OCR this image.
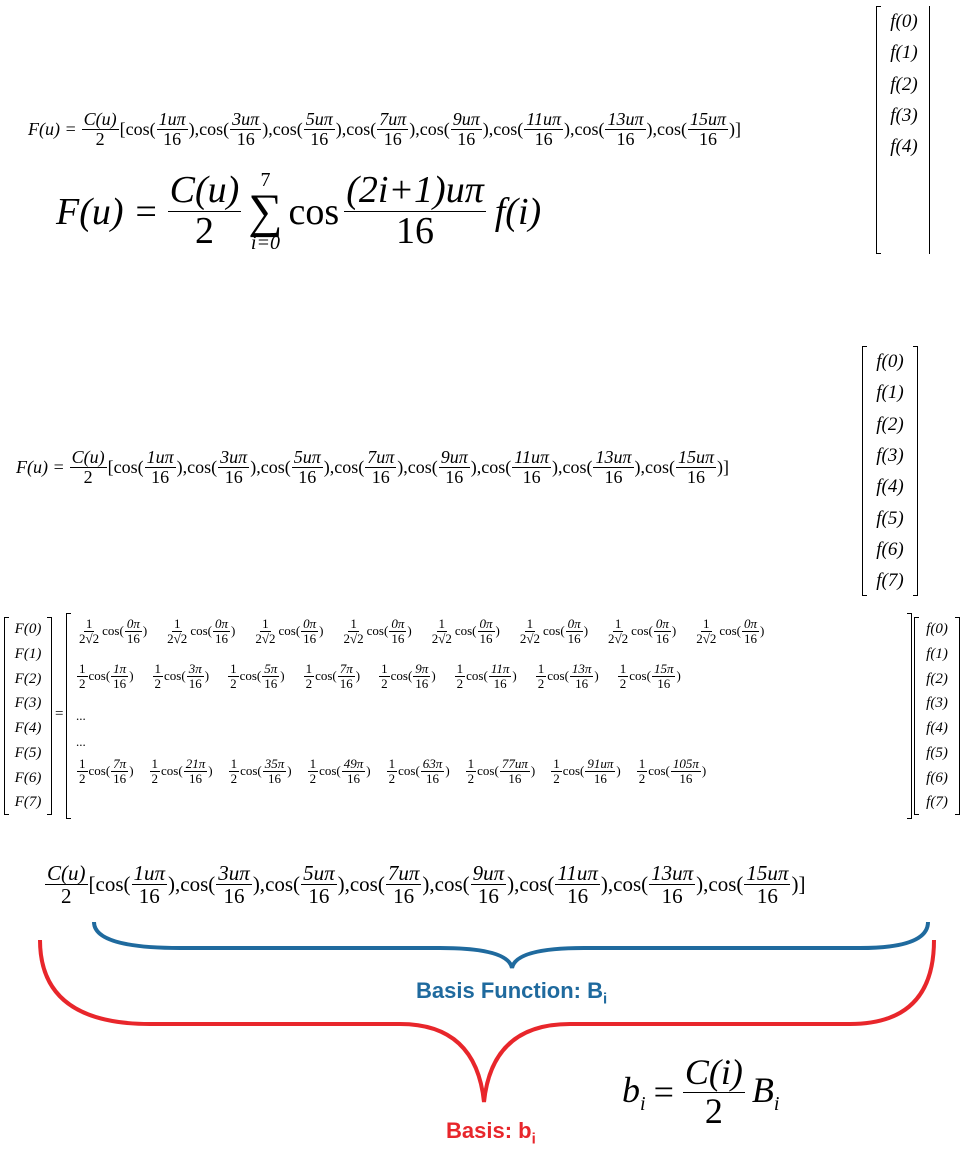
$F(u) = \frac{C(u)}{2}$ [ $\cos( \frac{1u\pi}{16}$ ), $\cos( \frac{3u\pi}{16}$ ), $\cos( \frac{5u\pi}{16}$ ), $\cos( \frac{7u\pi}{16}$ ), $\cos( \frac{9u\pi}{16}$ ), $\cos( \frac{11u\pi}{16}$ ), $\cos( \frac{13u\pi}{16}$ ), $\cos( \frac{15u\pi}{16}$ ) ]
f(0)
f(1)
f(2)
f(3)
f(4)
$F(u) = \frac{C(u)}{2} 7$
∑
i=0
$\cos \frac{(2i+1)u\pi}{16} f(i)$
$F(u) = \frac{C(u)}{2}$ [ $\cos( \frac{1u\pi}{16}$ ), $\cos( \frac{3u\pi}{16}$ ), $\cos( \frac{5u\pi}{16}$ ), $\cos( \frac{7u\pi}{16}$ ), $\cos( \frac{9u\pi}{16}$ ), $\cos( \frac{11u\pi}{16}$ ), $\cos( \frac{13u\pi}{16}$ ), $\cos( \frac{15u\pi}{16}$ ) ]
f(0)
f(1)
f(2)
f(3)
f(4)
f(5)
f(6)
f(7)
F(0)
F(1)
F(2)
F(3)
F(4)
F(5)
F(6)
F(7)
=
$\frac{1}{2√2} \cos( \frac{0\pi}{16}$ ) $\frac{1}{2√2} \cos( \frac{0\pi}{16}$ ) $\frac{1}{2√2} \cos( \frac{0\pi}{16}$ ) $\frac{1}{2√2} \cos( \frac{0\pi}{16}$ ) $\frac{1}{2√2} \cos( \frac{0\pi}{16}$ ) $\frac{1}{2√2} \cos( \frac{0\pi}{16}$ ) $\frac{1}{2√2} \cos( \frac{0\pi}{16}$ ) $\frac{1}{2√2} \cos( \frac{0\pi}{16}$ )
$\frac{1}{2} \cos( \frac{1\pi}{16}$ ) $\frac{1}{2} \cos( \frac{3\pi}{16}$ ) $\frac{1}{2} \cos( \frac{5\pi}{16}$ ) $\frac{1}{2} \cos( \frac{7\pi}{16}$ ) $\frac{1}{2} \cos( \frac{9\pi}{16}$ ) $\frac{1}{2} \cos( \frac{11\pi}{16}$ ) $\frac{1}{2} \cos( \frac{13\pi}{16}$ ) $\frac{1}{2} \cos( \frac{15\pi}{16}$ )
...
...
$\frac{1}{2} \cos( \frac{7\pi}{16}$ ) $\frac{1}{2} \cos( \frac{21\pi}{16}$ ) $\frac{1}{2} \cos( \frac{35\pi}{16}$ ) $\frac{1}{2} \cos( \frac{49\pi}{16}$ ) $\frac{1}{2} \cos( \frac{63\pi}{16}$ ) $\frac{1}{2} \cos( \frac{77u\pi}{16}$ ) $\frac{1}{2} \cos( \frac{91u\pi}{16}$ ) $\frac{1}{2} \cos( \frac{105\pi}{16}$ )
f(0)
f(1)
f(2)
f(3)
f(4)
f(5)
f(6)
f(7)
$\frac{C(u)}{2}$ [ $\cos( \frac{1u\pi}{16}$ ), $\cos( \frac{3u\pi}{16}$ ), $\cos( \frac{5u\pi}{16}$ ), $\cos( \frac{7u\pi}{16}$ ), $\cos( \frac{9u\pi}{16}$ ), $\cos( \frac{11u\pi}{16}$ ), $\cos( \frac{13u\pi}{16}$ ), $\cos( \frac{15u\pi}{16}$ ) ]
Basis Function: $B_i$
Basis: $b_i$
$b_i = \frac{C(i)}{2} B_i$
